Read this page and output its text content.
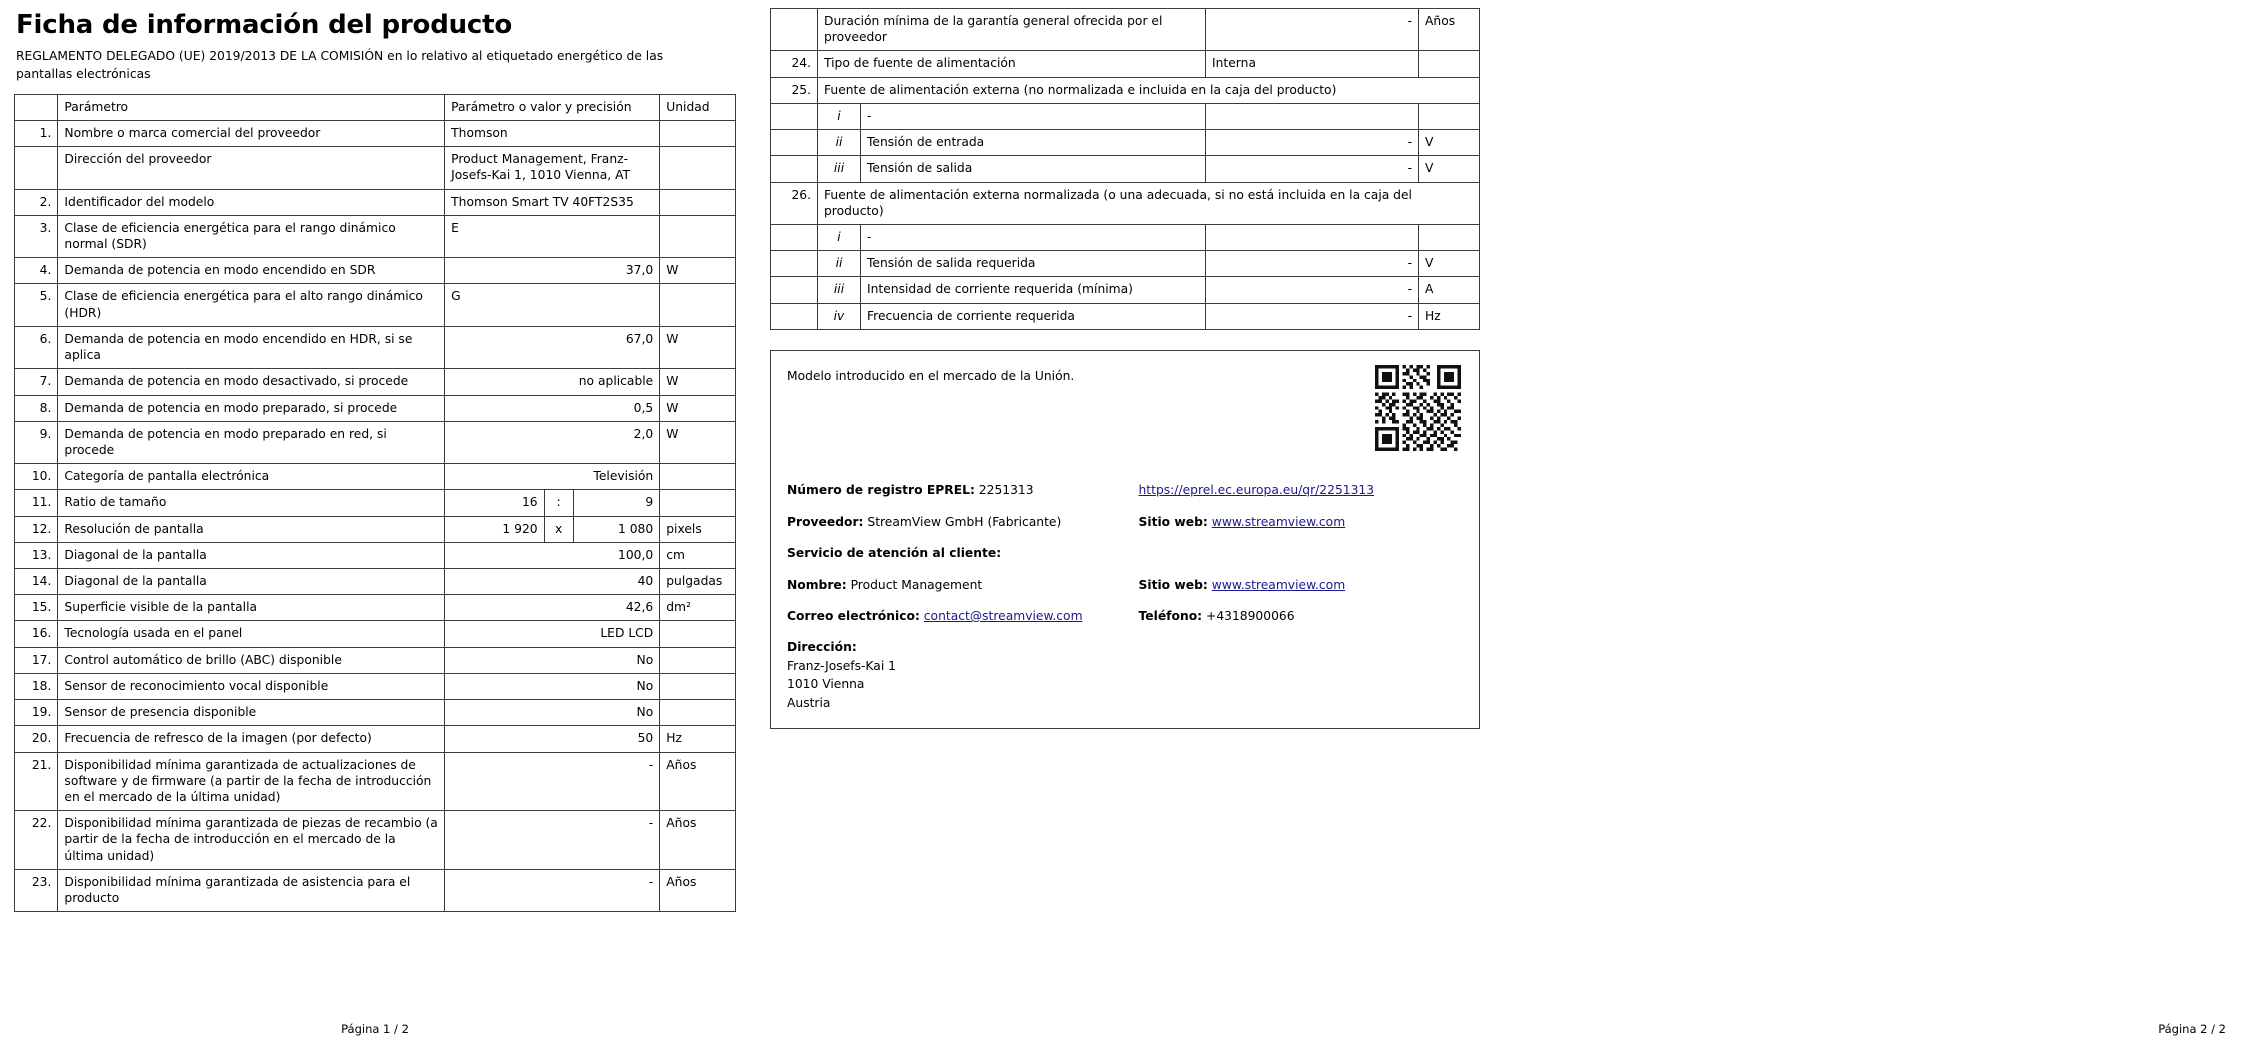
Ficha de información del producto

REGLAMENTO DELEGADO (UE) 2019/2013 DE LA COMISIÓN en lo relativo al etiquetado energético de las pantallas electrónicas

	Parámetro	Parámetro o valor y precisión	Unidad
1.	Nombre o marca comercial del proveedor	Thomson	
	Dirección del proveedor	Product Management, Franz-Josefs-Kai 1, 1010 Vienna, AT	
2.	Identificador del modelo	Thomson Smart TV 40FT2S35	
3.	Clase de eficiencia energética para el rango dinámico normal (SDR)	E	
4.	Demanda de potencia en modo encendido en SDR	37,0	W
5.	Clase de eficiencia energética para el alto rango dinámico (HDR)	G	
6.	Demanda de potencia en modo encendido en HDR, si se aplica	67,0	W
7.	Demanda de potencia en modo desactivado, si procede	no aplicable	W
8.	Demanda de potencia en modo preparado, si procede	0,5	W
9.	Demanda de potencia en modo preparado en red, si procede	2,0	W
10.	Categoría de pantalla electrónica	Televisión	
11.	Ratio de tamaño	16 : 9	

12.	Resolución de pantalla	1 920 x 1 080	pixels
13.	Diagonal de la pantalla	100,0	cm
14.	Diagonal de la pantalla	40	pulgadas
15.	Superficie visible de la pantalla	42,6	dm²
16.	Tecnología usada en el panel	LED LCD	
17.	Control automático de brillo (ABC) disponible	No	
18.	Sensor de reconocimiento vocal disponible	No	
19.	Sensor de presencia disponible	No	
20.	Frecuencia de refresco de la imagen (por defecto)	50	Hz
21.	Disponibilidad mínima garantizada de actualizaciones de software y de firmware (a partir de la fecha de introducción en el mercado de la última unidad)	-	Años
22.	Disponibilidad mínima garantizada de piezas de recambio (a partir de la fecha de introducción en el mercado de la última unidad)	-	Años
23.	Disponibilidad mínima garantizada de asistencia para el producto	-	Años
Página 1 / 2
	Duración mínima de la garantía general ofrecida por el proveedor		-	Años
24.	Tipo de fuente de alimentación		Interna	
25.	Fuente de alimentación externa (no normalizada e incluida en la caja del producto)			
	i	-		
	ii	Tensión de entrada	-	V
	iii	Tensión de salida	-	V
26.	Fuente de alimentación externa normalizada (o una adecuada, si no está incluida en la caja del producto)			
	i	-		
	ii	Tensión de salida requerida	-	V
	iii	Intensidad de corriente requerida (mínima)	-	A
	iv	Frecuencia de corriente requerida	-	Hz
Modelo introducido en el mercado de la Unión.
Número de registro EPREL: 2251313	https://eprel.ec.europa.eu/qr/2251313
Proveedor: StreamView GmbH (Fabricante)	Sitio web: www.streamview.com
Servicio de atención al cliente:
Nombre: Product Management	Sitio web: www.streamview.com
Correo electrónico: contact@streamview.com	Teléfono: +4318900066
Dirección:
Franz-Josefs-Kai 1
1010 Vienna
Austria
Página 2 / 2
